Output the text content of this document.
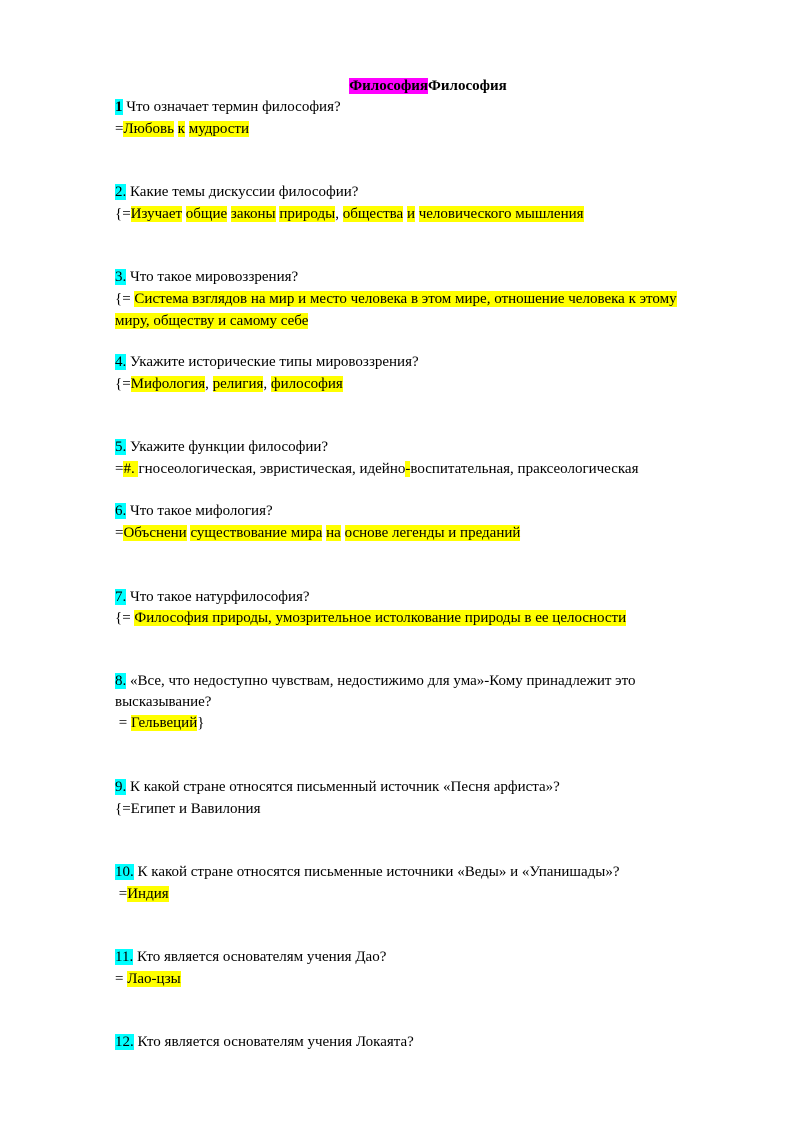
ФилософияФилософия
1 Что означает термин философия?
=Любовь к мудрости
2. Какие темы дискуссии философии?
{=Изучает общие законы природы, общества и человического мышления
3. Что такое мировоззрения?
{= Система взглядов на мир и место человека в этом мире, отношение человека к этому
миру, обществу и самому себе
4. Укажите исторические типы мировоззрения?
{=Мифология, религия, философия
5. Укажите функции философии?
=#. гносеологическая, эвристическая, идейно-воспитательная, праксеологическая
6. Что такое мифология?
=Объснени существование мира на основе легенды и преданий
7. Что такое натурфилософия?
{= Философия природы, умозрительное истолкование природы в ее целосности
8. «Все, что недоступно чувствам, недостижимо для ума»-Кому принадлежит это
высказывание?
= Гельвеций}
9. К какой стране относятся письменный источник «Песня арфиста»?
{=Египет и Вавилония
10. К какой стране относятся письменные источники «Веды» и «Упанишады»?
=Индия
11. Кто является основателям учения Дао?
= Лао-цзы
12. Кто является основателям учения Локаята?
